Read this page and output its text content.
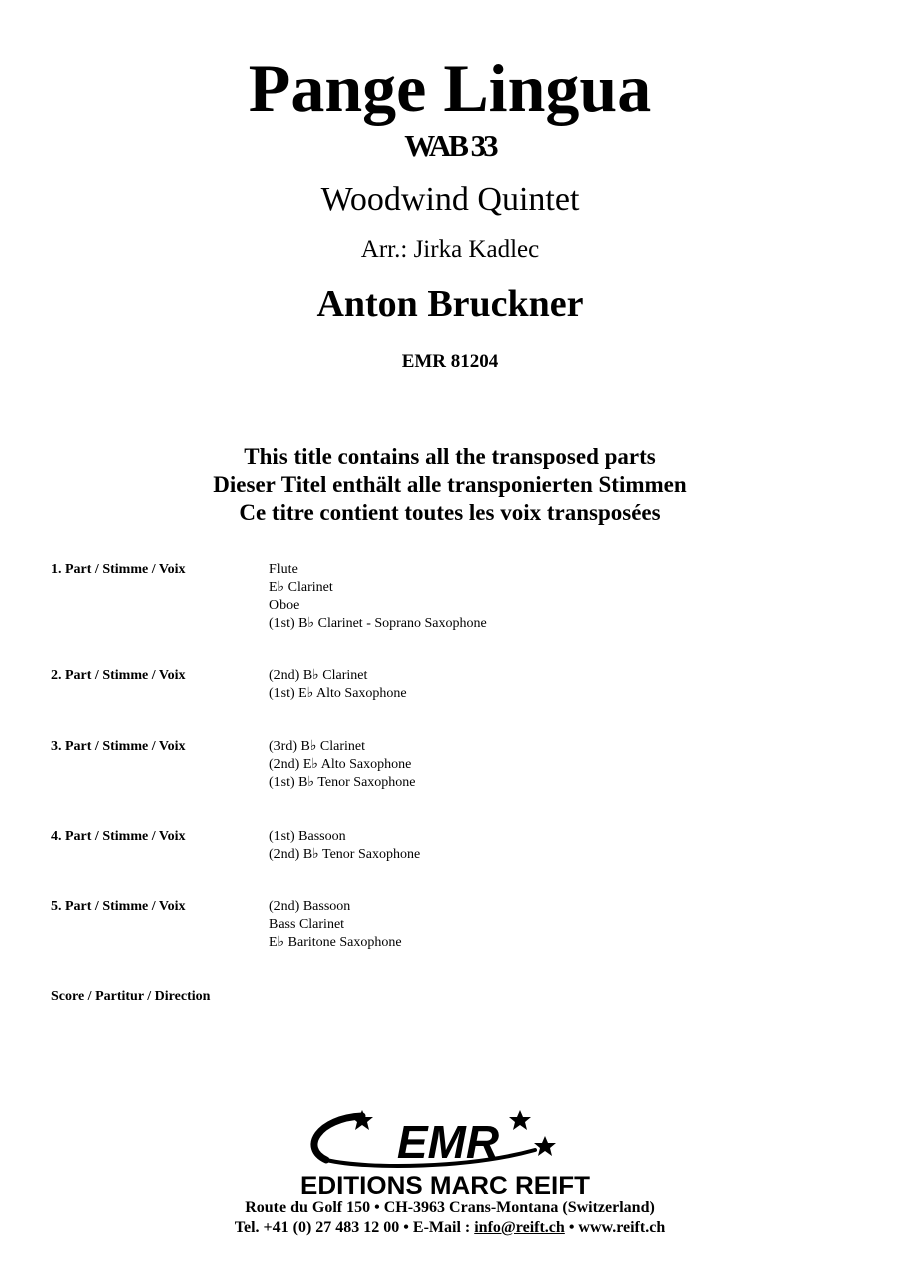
Pange Lingua
WAB 33
Woodwind Quintet
Arr.: Jirka Kadlec
Anton Bruckner
EMR 81204
This title contains all the transposed parts
Dieser Titel enthält alle transponierten Stimmen
Ce titre contient toutes les voix transposées
1. Part / Stimme / Voix	Flute
E♭ Clarinet
Oboe
(1st) B♭ Clarinet - Soprano Saxophone
2. Part / Stimme / Voix	(2nd) B♭ Clarinet
(1st) E♭ Alto Saxophone
3. Part / Stimme / Voix	(3rd) B♭ Clarinet
(2nd) E♭ Alto Saxophone
(1st) B♭ Tenor Saxophone
4. Part / Stimme / Voix	(1st) Bassoon
(2nd) B♭ Tenor Saxophone
5. Part / Stimme / Voix	(2nd) Bassoon
Bass Clarinet
E♭ Baritone Saxophone
Score / Partitur / Direction
EMR
EDITIONS MARC REIFT
Route du Golf 150 • CH-3963 Crans-Montana (Switzerland)
Tel. +41 (0) 27 483 12 00 • E-Mail : info@reift.ch • www.reift.ch
